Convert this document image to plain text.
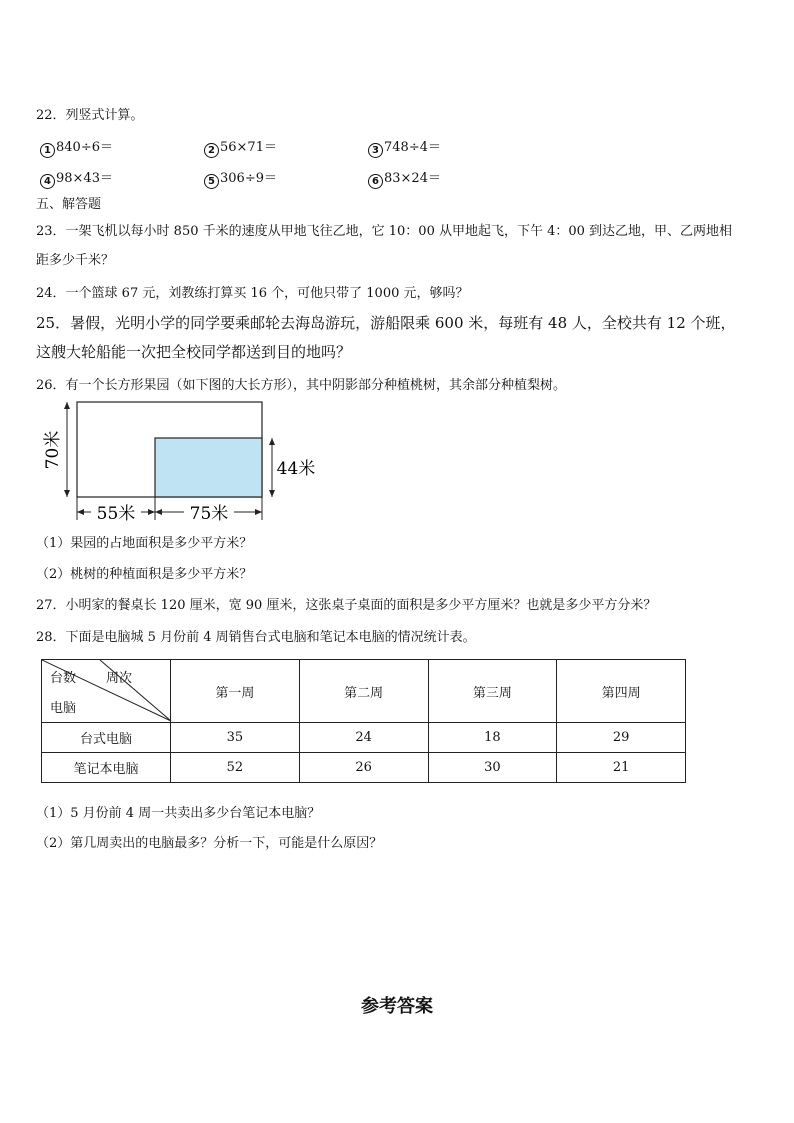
22．列竖式计算。
1 840÷6＝	2 56×71＝	3 748÷4＝
4 98×43＝	5 306÷9＝	6 83×24＝
五、解答题
23．一架飞机以每小时 850 千米的速度从甲地飞往乙地，它 10：00 从甲地起飞，下午 4：00 到达乙地，甲、乙两地相
距多少千米？
24．一个篮球 67 元，刘教练打算买 16 个，可他只带了 1000 元，够吗？
25．暑假，光明小学的同学要乘邮轮去海岛游玩，游船限乘 600 米，每班有 48 人，全校共有 12 个班，
这艘大轮船能一次把全校同学都送到目的地吗？
26．有一个长方形果园（如下图的大长方形），其中阴影部分种植桃树，其余部分种植梨树。
55米	75米
44米
70米
（1）果园的占地面积是多少平方米？
（2）桃树的种植面积是多少平方米？
27．小明家的餐桌长 120 厘米，宽 90 厘米，这张桌子桌面的面积是多少平方厘米？也就是多少平方分米？
28．下面是电脑城 5 月份前 4 周销售台式电脑和笔记本电脑的情况统计表。
台数 周次
电脑	第一周	第二周	第三周	第四周
台式电脑	35	24	18	29
笔记本电脑	52	26	30	21
（1）5 月份前 4 周一共卖出多少台笔记本电脑？
（2）第几周卖出的电脑最多？分析一下，可能是什么原因？
参考答案
